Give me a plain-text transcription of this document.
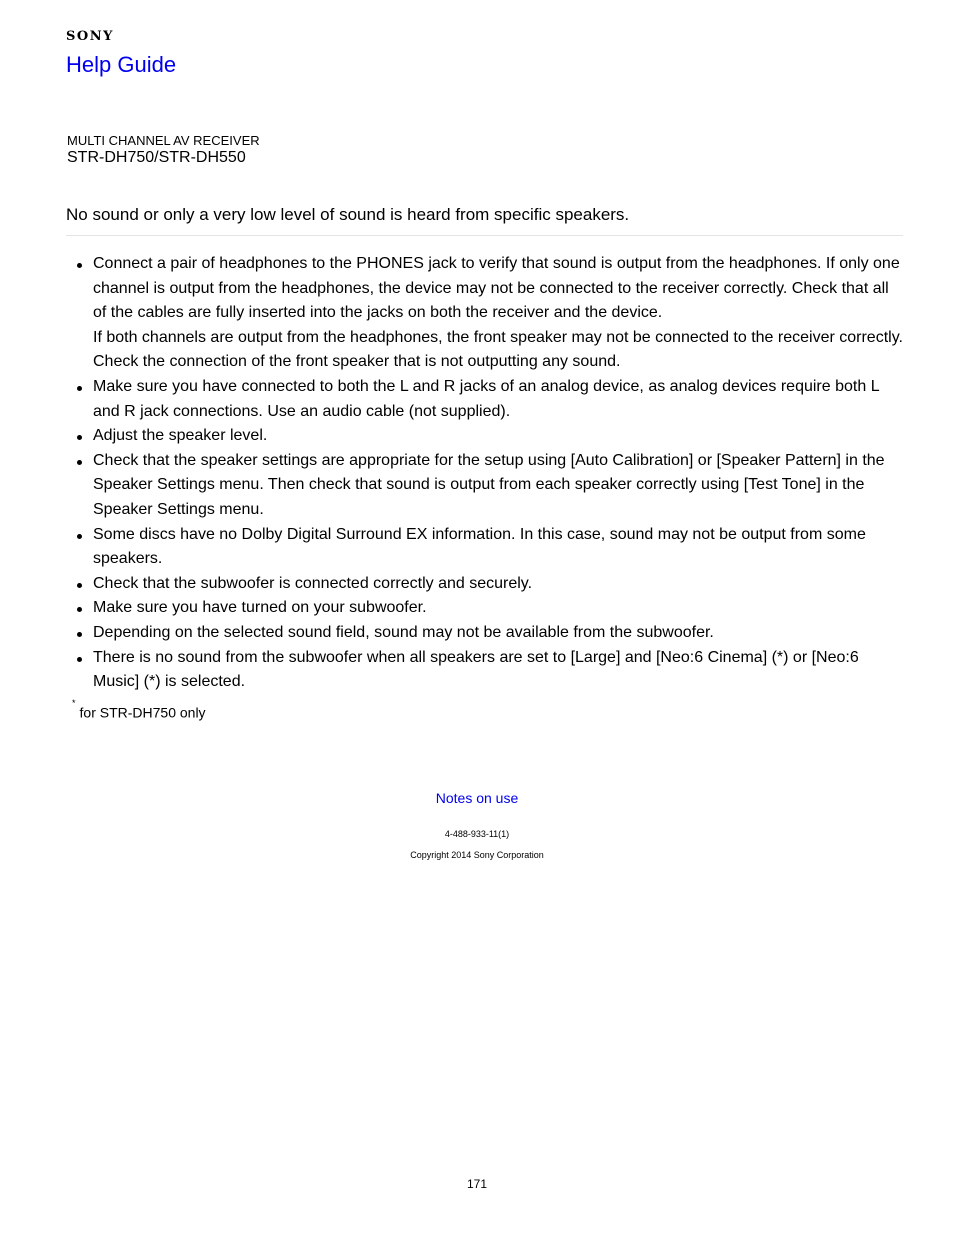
SONY
Help Guide
MULTI CHANNEL AV RECEIVER
STR-DH750/STR-DH550
No sound or only a very low level of sound is heard from specific speakers.
Connect a pair of headphones to the PHONES jack to verify that sound is output from the headphones. If only one channel is output from the headphones, the device may not be connected to the receiver correctly. Check that all of the cables are fully inserted into the jacks on both the receiver and the device.
If both channels are output from the headphones, the front speaker may not be connected to the receiver correctly. Check the connection of the front speaker that is not outputting any sound.
Make sure you have connected to both the L and R jacks of an analog device, as analog devices require both L and R jack connections. Use an audio cable (not supplied).
Adjust the speaker level.
Check that the speaker settings are appropriate for the setup using [Auto Calibration] or [Speaker Pattern] in the Speaker Settings menu. Then check that sound is output from each speaker correctly using [Test Tone] in the Speaker Settings menu.
Some discs have no Dolby Digital Surround EX information. In this case, sound may not be output from some speakers.
Check that the subwoofer is connected correctly and securely.
Make sure you have turned on your subwoofer.
Depending on the selected sound field, sound may not be available from the subwoofer.
There is no sound from the subwoofer when all speakers are set to [Large] and [Neo:6 Cinema] (*) or [Neo:6 Music] (*) is selected.
*for STR-DH750 only
Notes on use
4-488-933-11(1)
Copyright 2014 Sony Corporation
171
